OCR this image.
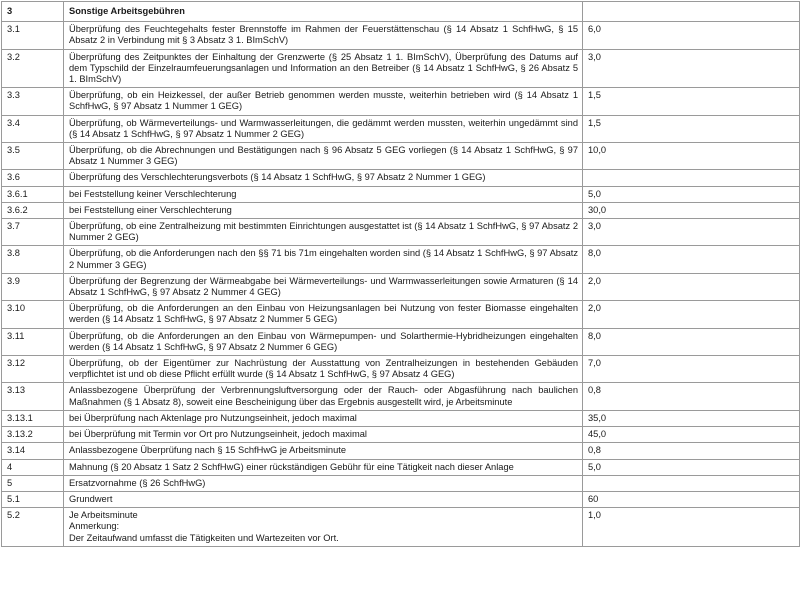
3	Sonstige Arbeitsgebühren	
3.1	Überprüfung des Feuchtegehalts fester Brennstoffe im Rahmen der Feuerstättenschau (§ 14 Absatz 1 SchfHwG, § 15 Absatz 2 in Verbindung mit § 3 Absatz 3 1. BImSchV)	6,0
3.2	Überprüfung des Zeitpunktes der Einhaltung der Grenzwerte (§ 25 Absatz 1 1. BImSchV), Überprüfung des Datums auf dem Typschild der Einzelraumfeuerungsanlagen und Information an den Betreiber (§ 14 Absatz 1 SchfHwG, § 26 Absatz 5 1. BImSchV)	3,0
3.3	Überprüfung, ob ein Heizkessel, der außer Betrieb genommen werden musste, weiterhin betrieben wird (§ 14 Absatz 1 SchfHwG, § 97 Absatz 1 Nummer 1 GEG)	1,5
3.4	Überprüfung, ob Wärmeverteilungs- und Warmwasserleitungen, die gedämmt werden mussten, weiterhin ungedämmt sind (§ 14 Absatz 1 SchfHwG, § 97 Absatz 1 Nummer 2 GEG)	1,5
3.5	Überprüfung, ob die Abrechnungen und Bestätigungen nach § 96 Absatz 5 GEG vorliegen (§ 14 Absatz 1 SchfHwG, § 97 Absatz 1 Nummer 3 GEG)	10,0
3.6	Überprüfung des Verschlechterungsverbots (§ 14 Absatz 1 SchfHwG, § 97 Absatz 2 Nummer 1 GEG)	
3.6.1	bei Feststellung keiner Verschlechterung	5,0
3.6.2	bei Feststellung einer Verschlechterung	30,0
3.7	Überprüfung, ob eine Zentralheizung mit bestimmten Einrichtungen ausgestattet ist (§ 14 Absatz 1 SchfHwG, § 97 Absatz 2 Nummer 2 GEG)	3,0
3.8	Überprüfung, ob die Anforderungen nach den §§ 71 bis 71m eingehalten worden sind (§ 14 Absatz 1 SchfHwG, § 97 Absatz 2 Nummer 3 GEG)	8,0
3.9	Überprüfung der Begrenzung der Wärmeabgabe bei Wärmeverteilungs- und Warmwasserleitungen sowie Armaturen (§ 14 Absatz 1 SchfHwG, § 97 Absatz 2 Nummer 4 GEG)	2,0
3.10	Überprüfung, ob die Anforderungen an den Einbau von Heizungsanlagen bei Nutzung von fester Biomasse eingehalten werden (§ 14 Absatz 1 SchfHwG, § 97 Absatz 2 Nummer 5 GEG)	2,0
3.11	Überprüfung, ob die Anforderungen an den Einbau von Wärmepumpen- und Solarthermie-Hybridheizungen eingehalten werden (§ 14 Absatz 1 SchfHwG, § 97 Absatz 2 Nummer 6 GEG)	8,0
3.12	Überprüfung, ob der Eigentümer zur Nachrüstung der Ausstattung von Zentralheizungen in bestehenden Gebäuden verpflichtet ist und ob diese Pflicht erfüllt wurde (§ 14 Absatz 1 SchfHwG, § 97 Absatz 4 GEG)	7,0
3.13	Anlassbezogene Überprüfung der Verbrennungsluftversorgung oder der Rauch- oder Abgasführung nach baulichen Maßnahmen (§ 1 Absatz 8), soweit eine Bescheinigung über das Ergebnis ausgestellt wird, je Arbeitsminute	0,8
3.13.1	bei Überprüfung nach Aktenlage pro Nutzungseinheit, jedoch maximal	35,0
3.13.2	bei Überprüfung mit Termin vor Ort pro Nutzungseinheit, jedoch maximal	45,0
3.14	Anlassbezogene Überprüfung nach § 15 SchfHwG je Arbeitsminute	0,8
4	Mahnung (§ 20 Absatz 1 Satz 2 SchfHwG) einer rückständigen Gebühr für eine Tätigkeit nach dieser Anlage	5,0
5	Ersatzvornahme (§ 26 SchfHwG)	
5.1	Grundwert	60
5.2	Je Arbeitsminute
Anmerkung:
Der Zeitaufwand umfasst die Tätigkeiten und Wartezeiten vor Ort.	1,0
